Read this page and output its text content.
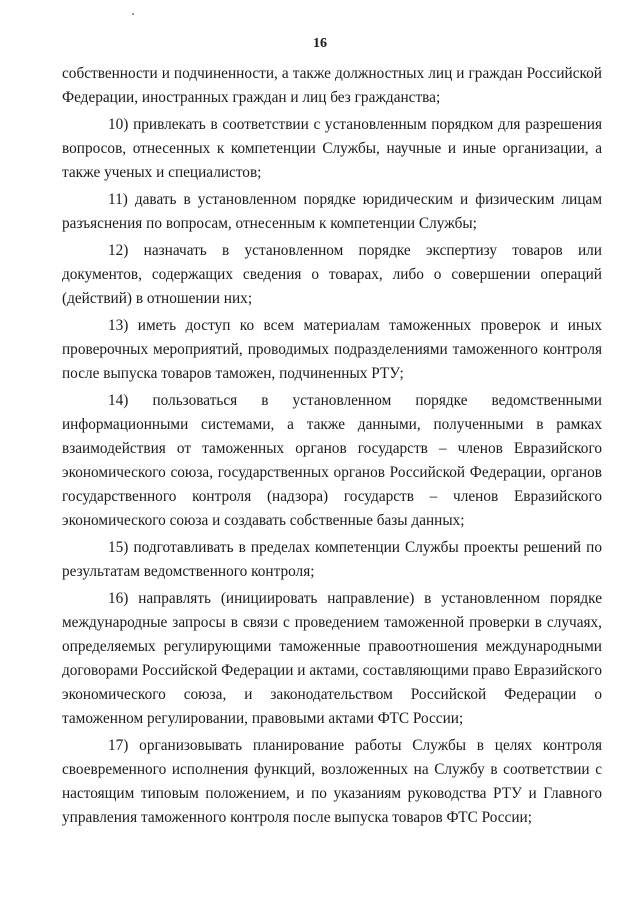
16

собственности и подчиненности, а также должностных лиц и граждан Российской Федерации, иностранных граждан и лиц без гражданства;

10) привлекать в соответствии с установленным порядком для разрешения вопросов, отнесенных к компетенции Службы, научные и иные организации, а также ученых и специалистов;

11) давать в установленном порядке юридическим и физическим лицам разъяснения по вопросам, отнесенным к компетенции Службы;

12) назначать в установленном порядке экспертизу товаров или документов, содержащих сведения о товарах, либо о совершении операций (действий) в отношении них;

13) иметь доступ ко всем материалам таможенных проверок и иных проверочных мероприятий, проводимых подразделениями таможенного контроля после выпуска товаров таможен, подчиненных РТУ;

14) пользоваться в установленном порядке ведомственными информационными системами, а также данными, полученными в рамках взаимодействия от таможенных органов государств – членов Евразийского экономического союза, государственных органов Российской Федерации, органов государственного контроля (надзора) государств – членов Евразийского экономического союза и создавать собственные базы данных;

15) подготавливать в пределах компетенции Службы проекты решений по результатам ведомственного контроля;

16) направлять (инициировать направление) в установленном порядке международные запросы в связи с проведением таможенной проверки в случаях, определяемых регулирующими таможенные правоотношения международными договорами Российской Федерации и актами, составляющими право Евразийского экономического союза, и законодательством Российской Федерации о таможенном регулировании, правовыми актами ФТС России;

17) организовывать планирование работы Службы в целях контроля своевременного исполнения функций, возложенных на Службу в соответствии с настоящим типовым положением, и по указаниям руководства РТУ и Главного управления таможенного контроля после выпуска товаров ФТС России;
